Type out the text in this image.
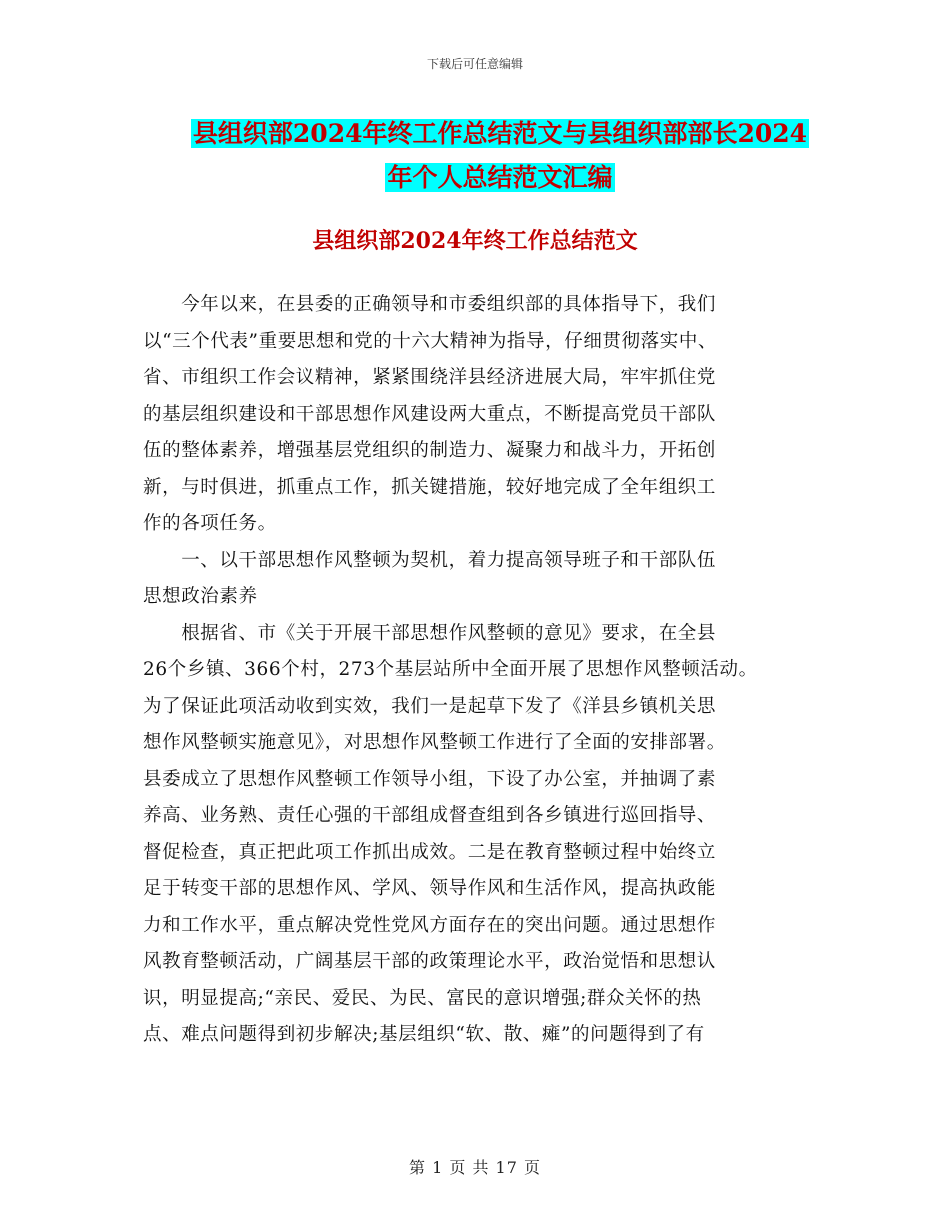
下载后可任意编辑
县组织部2024年终工作总结范文与县组织部部长2024
年个人总结范文汇编
县组织部2024年终工作总结范文
　　今年以来，在县委的正确领导和市委组织部的具体指导下，我们
以“三个代表”重要思想和党的十六大精神为指导，仔细贯彻落实中、
省、市组织工作会议精神，紧紧围绕洋县经济进展大局，牢牢抓住党
的基层组织建设和干部思想作风建设两大重点，不断提高党员干部队
伍的整体素养，增强基层党组织的制造力、凝聚力和战斗力，开拓创
新，与时俱进，抓重点工作，抓关键措施，较好地完成了全年组织工
作的各项任务。
　　一、以干部思想作风整顿为契机，着力提高领导班子和干部队伍
思想政治素养
　　根据省、市《关于开展干部思想作风整顿的意见》要求，在全县
26个乡镇、366个村，273个基层站所中全面开展了思想作风整顿活动。
为了保证此项活动收到实效，我们一是起草下发了《洋县乡镇机关思
想作风整顿实施意见》，对思想作风整顿工作进行了全面的安排部署。
县委成立了思想作风整顿工作领导小组，下设了办公室，并抽调了素
养高、业务熟、责任心强的干部组成督查组到各乡镇进行巡回指导、
督促检查，真正把此项工作抓出成效。二是在教育整顿过程中始终立
足于转变干部的思想作风、学风、领导作风和生活作风，提高执政能
力和工作水平，重点解决党性党风方面存在的突出问题。通过思想作
风教育整顿活动，广阔基层干部的政策理论水平，政治觉悟和思想认
识，明显提高;“亲民、爱民、为民、富民的意识增强;群众关怀的热
点、难点问题得到初步解决;基层组织“软、散、瘫”的问题得到了有
第 1 页 共 17 页
